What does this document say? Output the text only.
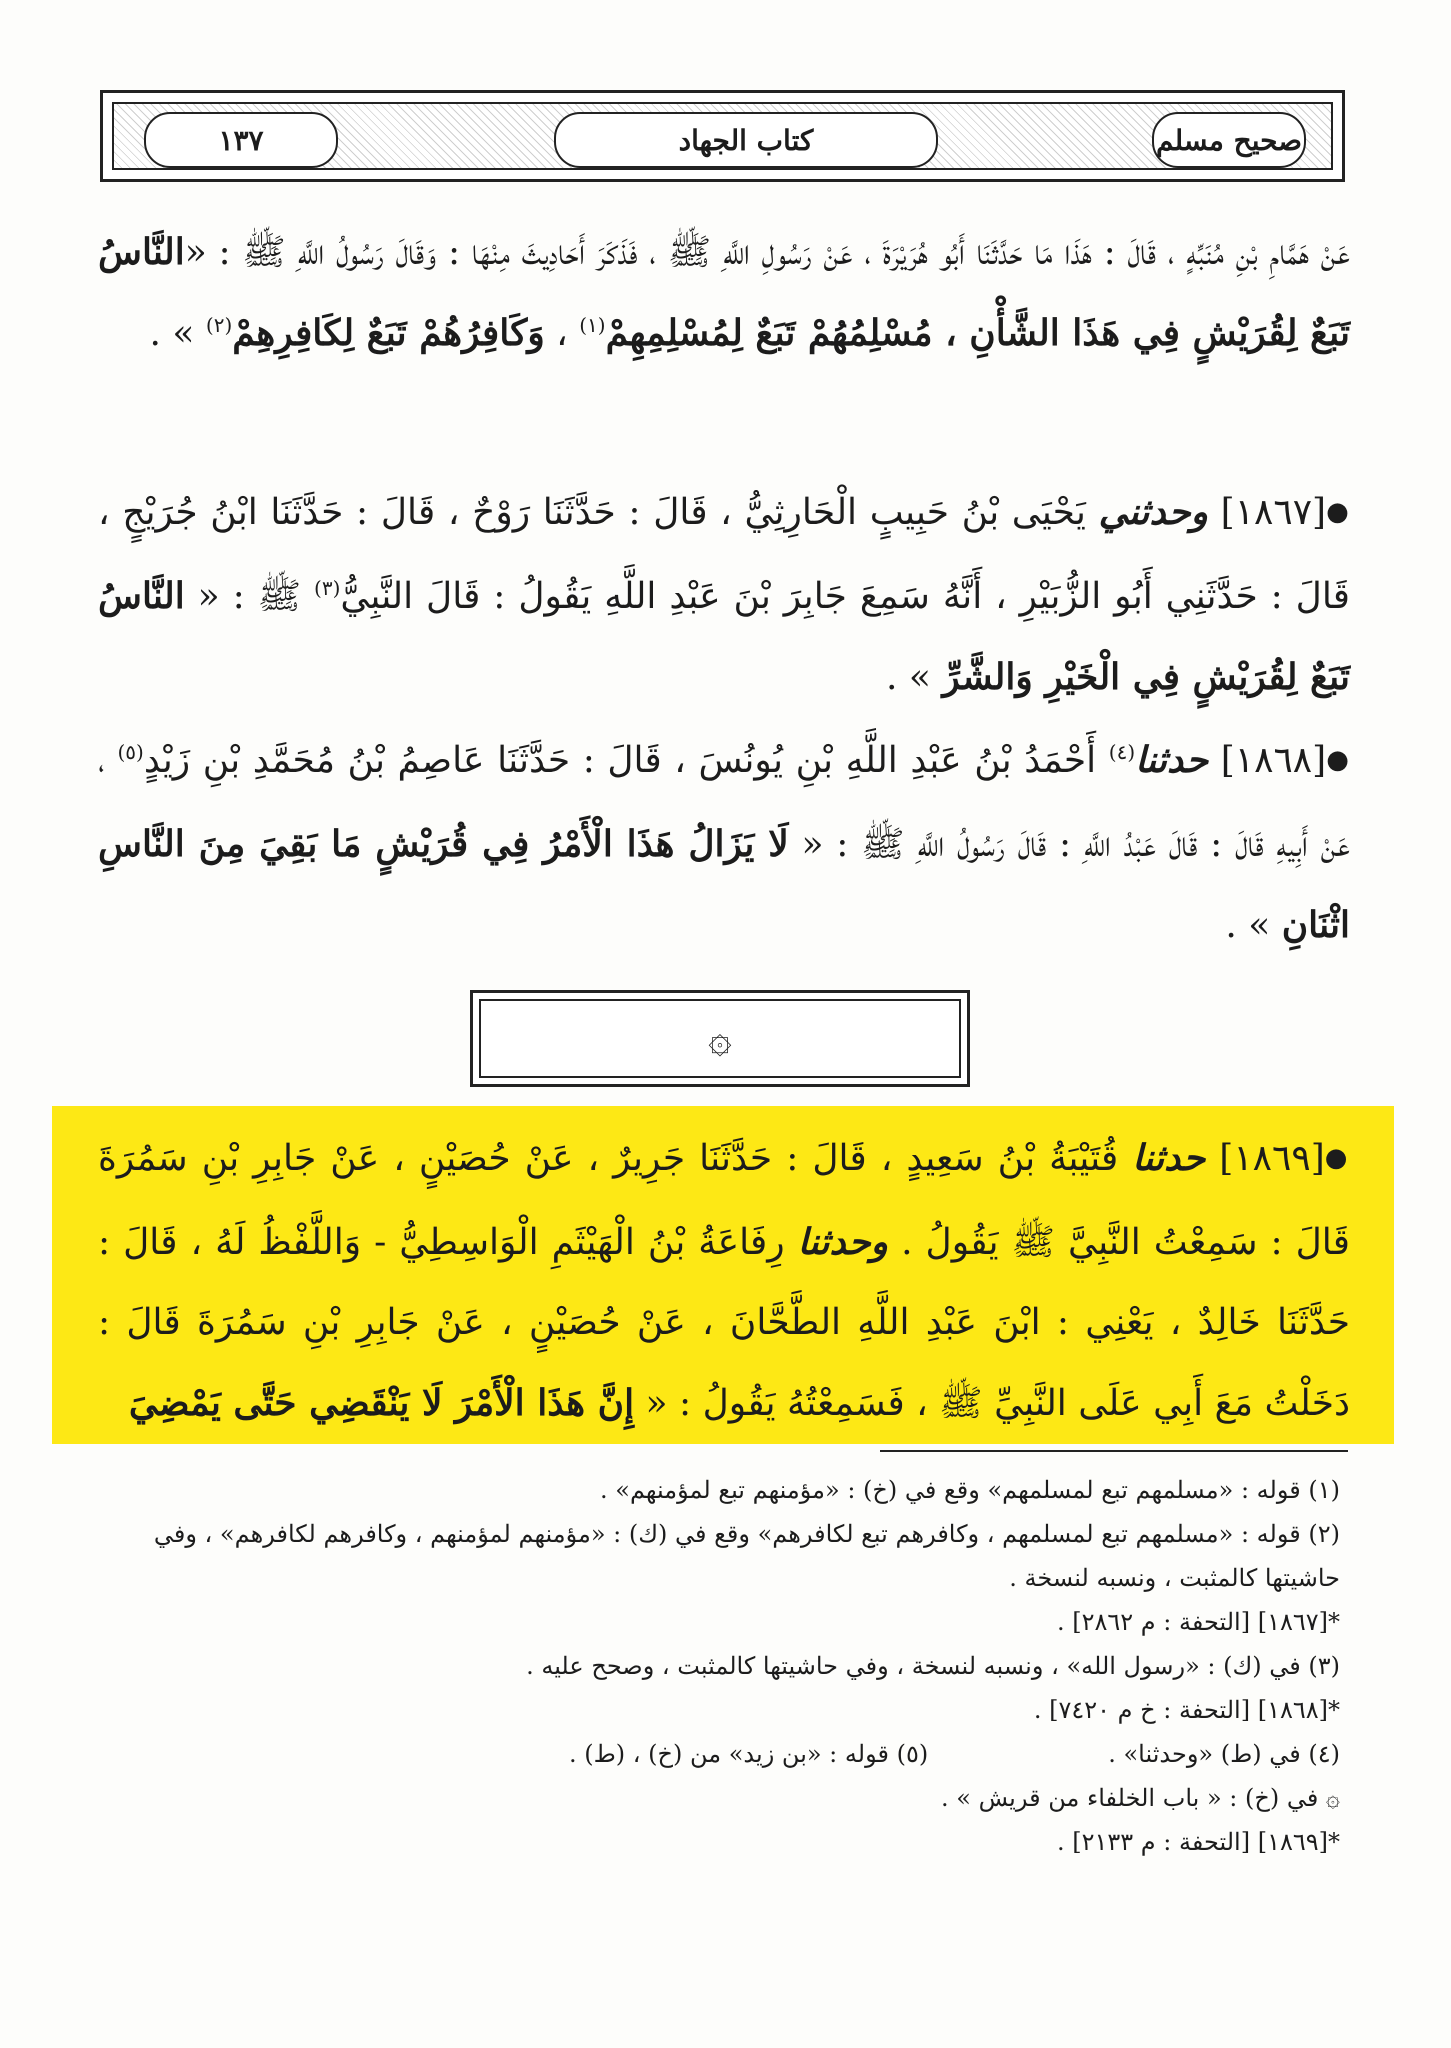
١٣٧	كتاب الجهاد	صحيح مسلم

عَنْ هَمَّامِ بْنِ مُنَبِّهٍ ، قَالَ : هَذَا مَا حَدَّثَنَا أَبُو هُرَيْرَةَ ، عَنْ رَسُولِ اللَّهِ ﷺ ، فَذَكَرَ أَحَادِيثَ مِنْهَا : وَقَالَ رَسُولُ اللَّهِ ﷺ : «النَّاسُ تَبَعٌ لِقُرَيْشٍ فِي هَذَا الشَّأْنِ ، مُسْلِمُهُمْ تَبَعٌ لِمُسْلِمِهِمْ$^{(١)}$ ، وَكَافِرُهُمْ تَبَعٌ لِكَافِرِهِمْ$^{(٢)}$ » .

●[١٨٦٧] وحدثني يَحْيَى بْنُ حَبِيبٍ الْحَارِثِيُّ ، قَالَ : حَدَّثَنَا رَوْحٌ ، قَالَ : حَدَّثَنَا ابْنُ جُرَيْجٍ ، قَالَ : حَدَّثَنِي أَبُو الزُّبَيْرِ ، أَنَّهُ سَمِعَ جَابِرَ بْنَ عَبْدِ اللَّهِ يَقُولُ : قَالَ النَّبِيُّ$^{(٣)}$ ﷺ : « النَّاسُ تَبَعٌ لِقُرَيْشٍ فِي الْخَيْرِ وَالشَّرِّ » .

●[١٨٦٨] حدثنا$^{(٤)}$ أَحْمَدُ بْنُ عَبْدِ اللَّهِ بْنِ يُونُسَ ، قَالَ : حَدَّثَنَا عَاصِمُ بْنُ مُحَمَّدِ بْنِ زَيْدٍ$^{(٥)}$ ، عَنْ أَبِيهِ قَالَ : قَالَ عَبْدُ اللَّهِ : قَالَ رَسُولُ اللَّهِ ﷺ : « لَا يَزَالُ هَذَا الْأَمْرُ فِي قُرَيْشٍ مَا بَقِيَ مِنَ النَّاسِ اثْنَانِ » .

۞

●[١٨٦٩] حدثنا قُتَيْبَةُ بْنُ سَعِيدٍ ، قَالَ : حَدَّثَنَا جَرِيرٌ ، عَنْ حُصَيْنٍ ، عَنْ جَابِرِ بْنِ سَمُرَةَ قَالَ : سَمِعْتُ النَّبِيَّ ﷺ يَقُولُ . وحدثنا رِفَاعَةُ بْنُ الْهَيْثَمِ الْوَاسِطِيُّ - وَاللَّفْظُ لَهُ ، قَالَ : حَدَّثَنَا خَالِدٌ ، يَعْنِي : ابْنَ عَبْدِ اللَّهِ الطَّحَّانَ ، عَنْ حُصَيْنٍ ، عَنْ جَابِرِ بْنِ سَمُرَةَ قَالَ : دَخَلْتُ مَعَ أَبِي عَلَى النَّبِيِّ ﷺ ، فَسَمِعْتُهُ يَقُولُ : « إِنَّ هَذَا الْأَمْرَ لَا يَنْقَضِي حَتَّى يَمْضِيَ

(١) قوله : «مسلمهم تبع لمسلمهم» وقع في (خ) : «مؤمنهم تبع لمؤمنهم» .

(٢) قوله : «مسلمهم تبع لمسلمهم ، وكافرهم تبع لكافرهم» وقع في (ك) : «مؤمنهم لمؤمنهم ، وكافرهم لكافرهم» ، وفي حاشيتها كالمثبت ، ونسبه لنسخة .

*[١٨٦٧] [التحفة : م ٢٨٦٢] .

(٣) في (ك) : «رسول الله» ، ونسبه لنسخة ، وفي حاشيتها كالمثبت ، وصحح عليه .

*[١٨٦٨] [التحفة : خ م ٧٤٢٠] .

(٤) في (ط) «وحدثنا» .

(٥) قوله : «بن زيد» من (خ) ، (ط) .

۞ في (خ) : « باب الخلفاء من قريش » .

*[١٨٦٩] [التحفة : م ٢١٣٣] .
